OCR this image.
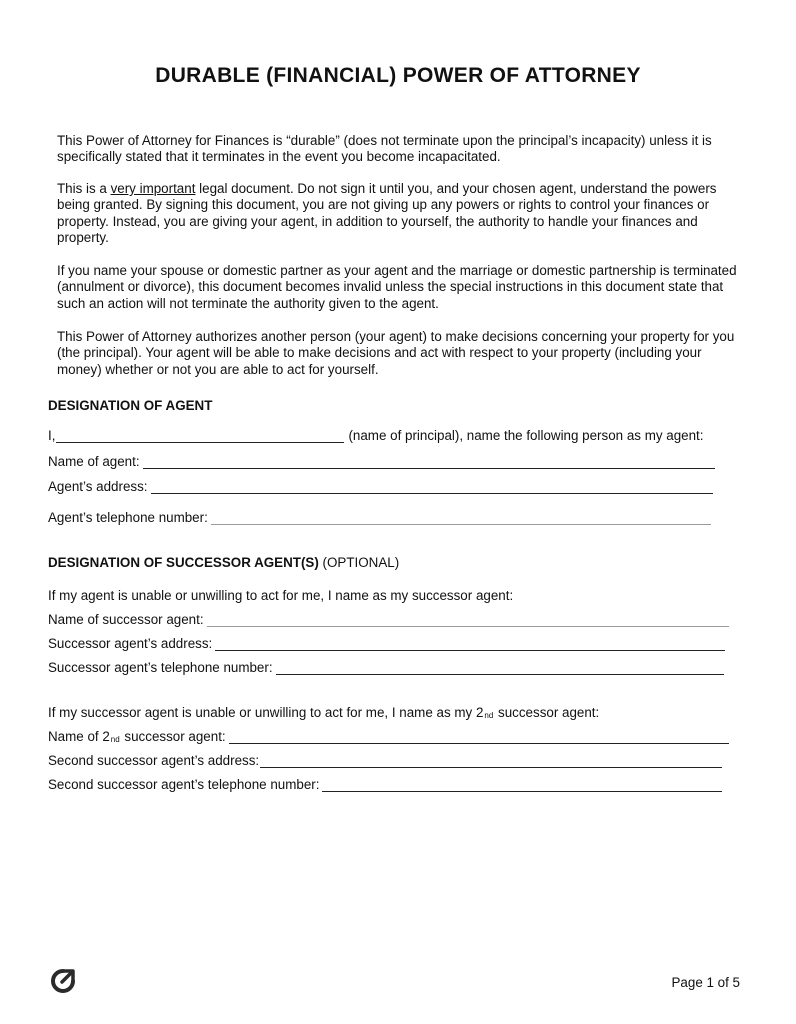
DURABLE (FINANCIAL) POWER OF ATTORNEY
This Power of Attorney for Finances is “durable” (does not terminate upon the principal’s incapacity) unless it is specifically stated that it terminates in the event you become incapacitated.
This is a very important legal document. Do not sign it until you, and your chosen agent, understand the powers being granted. By signing this document, you are not giving up any powers or rights to control your finances or property. Instead, you are giving your agent, in addition to yourself, the authority to handle your finances and property.
If you name your spouse or domestic partner as your agent and the marriage or domestic partnership is terminated (annulment or divorce), this document becomes invalid unless the special instructions in this document state that such an action will not terminate the authority given to the agent.
This Power of Attorney authorizes another person (your agent) to make decisions concerning your property for you (the principal). Your agent will be able to make decisions and act with respect to your property (including your money) whether or not you are able to act for yourself.
DESIGNATION OF AGENT
I,	(name of principal), name the following person as my agent:
Name of agent:
Agent’s address:
Agent’s telephone number:
DESIGNATION OF SUCCESSOR AGENT(S) (OPTIONAL)
If my agent is unable or unwilling to act for me, I name as my successor agent:
Name of successor agent:
Successor agent’s address:
Successor agent’s telephone number:
If my successor agent is unable or unwilling to act for me, I name as my $2_{nd}$ successor agent:
Name of $2_{nd}$ successor agent:
Second successor agent’s address:
Second successor agent’s telephone number:
Page 1 of 5
